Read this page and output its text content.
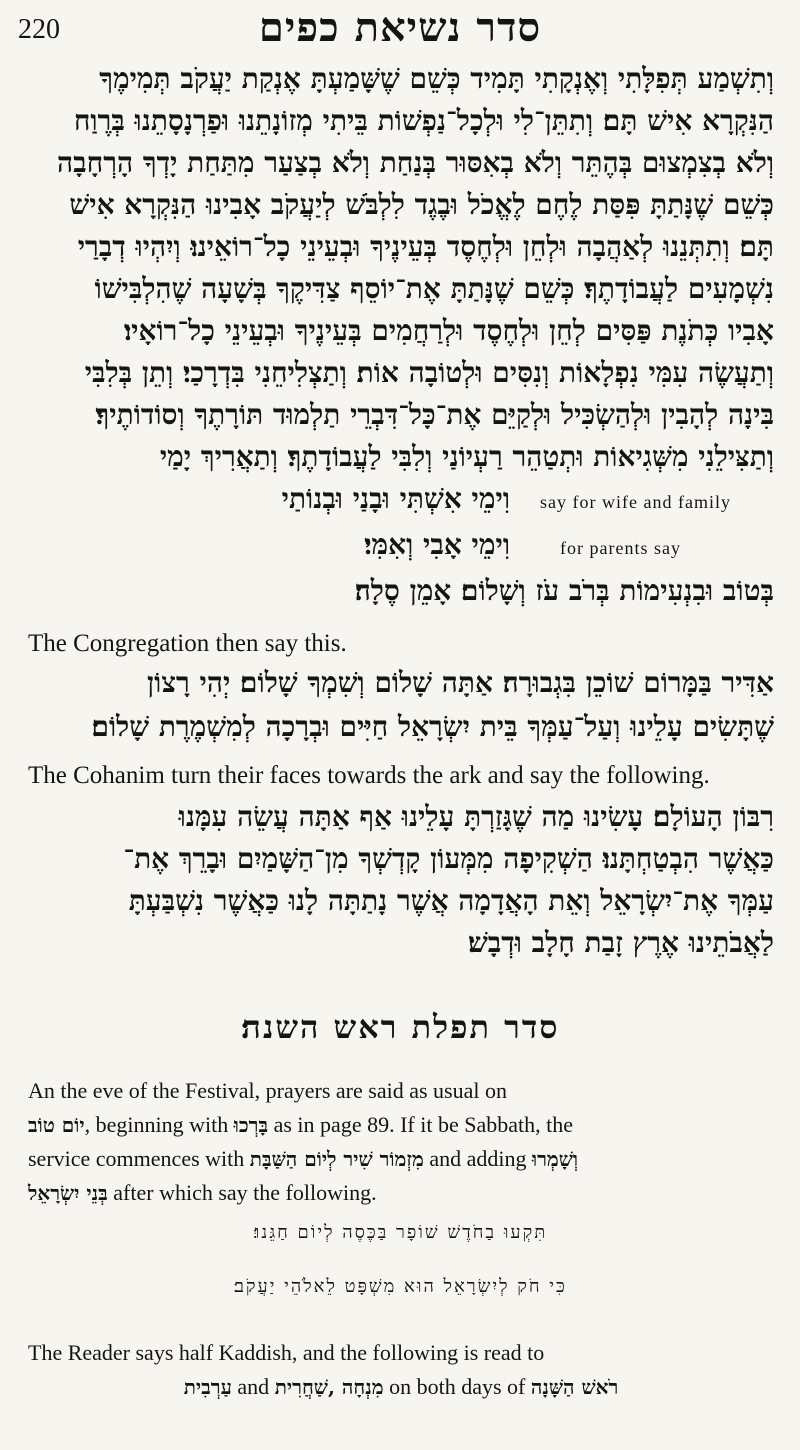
220	סדר נשיאת כפים
וְתִשְׁמַע תְּפִלָּתִי וְאֶנְקָתִי תָּמִיד כְּשֵׁם שֶׁשָּׁמַעְתָּ אֶנְקַת יַעֲקֹב תְּמִימֶךָ
הַנִּקְרָא אִישׁ תָּם׃ וְתִתֵּן־לִי וּלְכָל־נַפְשׁוֹת בֵּיתִי מְזוֹנָתֵנוּ וּפַרְנָסָתֵנוּ בְּרֶוַח
וְלֹא בְצִמְצוּם בְּהֶתֵּר וְלֹא בְאִסּוּר בְּנַחַת וְלֹא בְצַעַר מִתַּחַת יָדְךָ הָרְחָבָה
כְּשֵׁם שֶׁנָּתַתָּ פִּסַּת לֶחֶם לֶאֱכֹל וּבֶגֶד לִלְבֹּשׁ לְיַעֲקֹב אָבִינוּ הַנִּקְרָא אִישׁ
תָּם׃ וְתִתְּנֵנוּ לְאַהֲבָה וּלְחֵן וּלְחֶסֶד בְּעֵינֶיךָ וּבְעֵינֵי כָל־רוֹאֵינוּ׃ וְיִהְיוּ דְבָרַי
נִשְׁמָעִים לַעֲבוֹדָתֶךָ׃ כְּשֵׁם שֶׁנָּתַתָּ אֶת־יוֹסֵף צַדִּיקֶךָ בְּשָׁעָה שֶׁהִלְבִּישׁוֹ
אָבִיו כְּתֹנֶת פַּסִּים לְחֵן וּלְחֶסֶד וּלְרַחֲמִים בְּעֵינֶיךָ וּבְעֵינֵי כָל־רוֹאָיו׃
וְתַעֲשֶׂה עִמִּי נִפְלָאוֹת וְנִסִּים וּלְטוֹבָה אוֹת׃ וְתַצְלִיחֵנִי בִּדְרָכַי׃ וְתֵן בְּלִבִּי
בִּינָה לְהָבִין וּלְהַשְׂכִּיל וּלְקַיֵּם אֶת־כָּל־דִּבְרֵי תַלְמוּד תּוֹרָתֶךָ וְסוֹדוֹתֶיךָ׃
וְתַצִּילֵנִי מִשְּׁגִיאוֹת וּתְטַהֵר רַעְיוֹנַי וְלִבִּי לַעֲבוֹדָתֶךָ׃ וְתַאֲרִיךְ יָמַי
say for wife and family
וִימֵי אִשְׁתִּי וּבָנַי וּבְנוֹתַי
for parents say
וִימֵי אָבִי וְאִמִּי׃
בְּטוֹב וּבִנְעִימוֹת בְּרֹב עֹז וְשָׁלוֹם׃ אָמֵן סֶלָה׃
The Congregation then say this.
אַדִּיר בַּמָּרוֹם שׁוֹכֵן בִּגְבוּרָה׃ אַתָּה שָׁלוֹם וְשִׁמְךָ שָׁלוֹם׃ יְהִי רָצוֹן
שֶׁתָּשִׂים עָלֵינוּ וְעַל־עַמְּךָ בֵּית יִשְׂרָאֵל חַיִּים וּבְרָכָה לְמִשְׁמֶרֶת שָׁלוֹם׃
The Cohanim turn their faces towards the ark and say the following.
רִבּוֹן הָעוֹלָם׃ עָשִׂינוּ מַה שֶׁגָּזַרְתָּ עָלֵינוּ אַף אַתָּה עֲשֵׂה עִמָּנוּ
כַּאֲשֶׁר הִבְטַחְתָּנוּ׃ הַשְׁקִיפָה מִמְּעוֹן קָדְשְׁךָ מִן־הַשָּׁמַיִם וּבָרֵךְ אֶת־
עַמְּךָ אֶת־יִשְׂרָאֵל וְאֵת הָאֲדָמָה אֲשֶׁר נָתַתָּה לָנוּ כַּאֲשֶׁר נִשְׁבַּעְתָּ
לַאֲבֹתֵינוּ אֶרֶץ זָבַת חָלָב וּדְבָשׁ׃
סדר תפלת ראש השנה׃
An the eve of the Festival, prayers are said as usual on
יוֹם טוֹב, beginning with בָּרְכוּ as in page 89. If it be Sabbath, the
service commences with מִזְמוֹר שִׁיר לְיוֹם הַשַּׁבָּת and adding וְשָׁמְרוּ
בְּנֵי יִשְׂרָאֵל after which say the following.
תִּקְעוּ בַחֹדֶשׁ שׁוֹפָר בַּכֶּסֶה לְיוֹם חַגֵּנוּ׃
כִּי חֹק לְיִשְׂרָאֵל הוּא מִשְׁפָּט לֵאלֹהֵי יַעֲקֹב׃
The Reader says half Kaddish, and the following is read to
עַרְבִית and מִנְחָה ,שַׁחֲרִית on both days of רֹאשׁ הַשָּׁנָה
